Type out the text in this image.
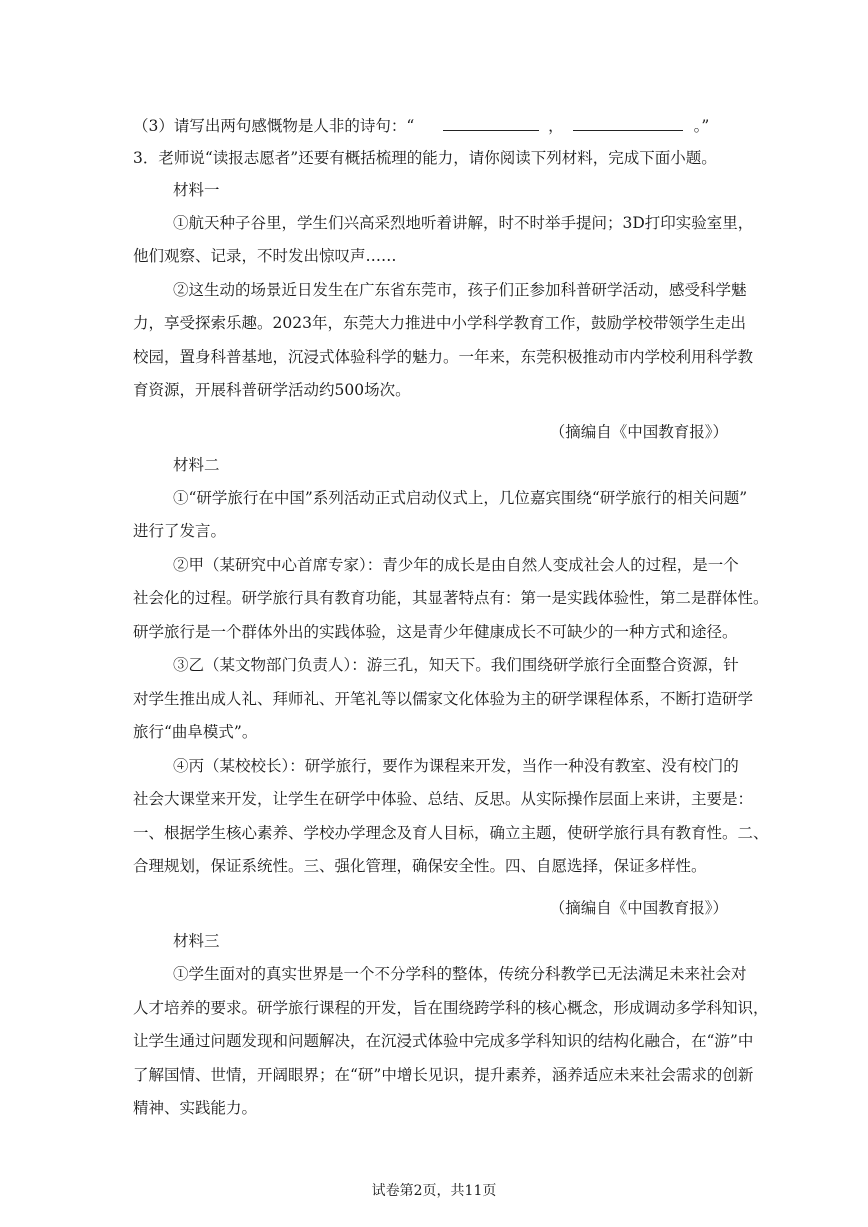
（3）请写出两句感慨物是人非的诗句：“	，	。”
3．老师说“读报志愿者”还要有概括梳理的能力，请你阅读下列材料，完成下面小题。
材料一
①航天种子谷里，学生们兴高采烈地听着讲解，时不时举手提问；3D打印实验室里，
他们观察、记录，不时发出惊叹声……
②这生动的场景近日发生在广东省东莞市，孩子们正参加科普研学活动，感受科学魅
力，享受探索乐趣。2023年，东莞大力推进中小学科学教育工作，鼓励学校带领学生走出
校园，置身科普基地，沉浸式体验科学的魅力。一年来，东莞积极推动市内学校利用科学教
育资源，开展科普研学活动约500场次。
（摘编自《中国教育报》）
材料二
①“研学旅行在中国”系列活动正式启动仪式上，几位嘉宾围绕“研学旅行的相关问题”
进行了发言。
②甲（某研究中心首席专家）：青少年的成长是由自然人变成社会人的过程，是一个
社会化的过程。研学旅行具有教育功能，其显著特点有：第一是实践体验性，第二是群体性。
研学旅行是一个群体外出的实践体验，这是青少年健康成长不可缺少的一种方式和途径。
③乙（某文物部门负责人）：游三孔，知天下。我们围绕研学旅行全面整合资源，针
对学生推出成人礼、拜师礼、开笔礼等以儒家文化体验为主的研学课程体系，不断打造研学
旅行“曲阜模式”。
④丙（某校校长）：研学旅行，要作为课程来开发，当作一种没有教室、没有校门的
社会大课堂来开发，让学生在研学中体验、总结、反思。从实际操作层面上来讲，主要是：
一、根据学生核心素养、学校办学理念及育人目标，确立主题，使研学旅行具有教育性。二、
合理规划，保证系统性。三、强化管理，确保安全性。四、自愿选择，保证多样性。
（摘编自《中国教育报》）
材料三
①学生面对的真实世界是一个不分学科的整体，传统分科教学已无法满足未来社会对
人才培养的要求。研学旅行课程的开发，旨在围绕跨学科的核心概念，形成调动多学科知识，
让学生通过问题发现和问题解决，在沉浸式体验中完成多学科知识的结构化融合，在“游”中
了解国情、世情，开阔眼界；在“研”中增长见识，提升素养，涵养适应未来社会需求的创新
精神、实践能力。
试卷第2页，共11页
